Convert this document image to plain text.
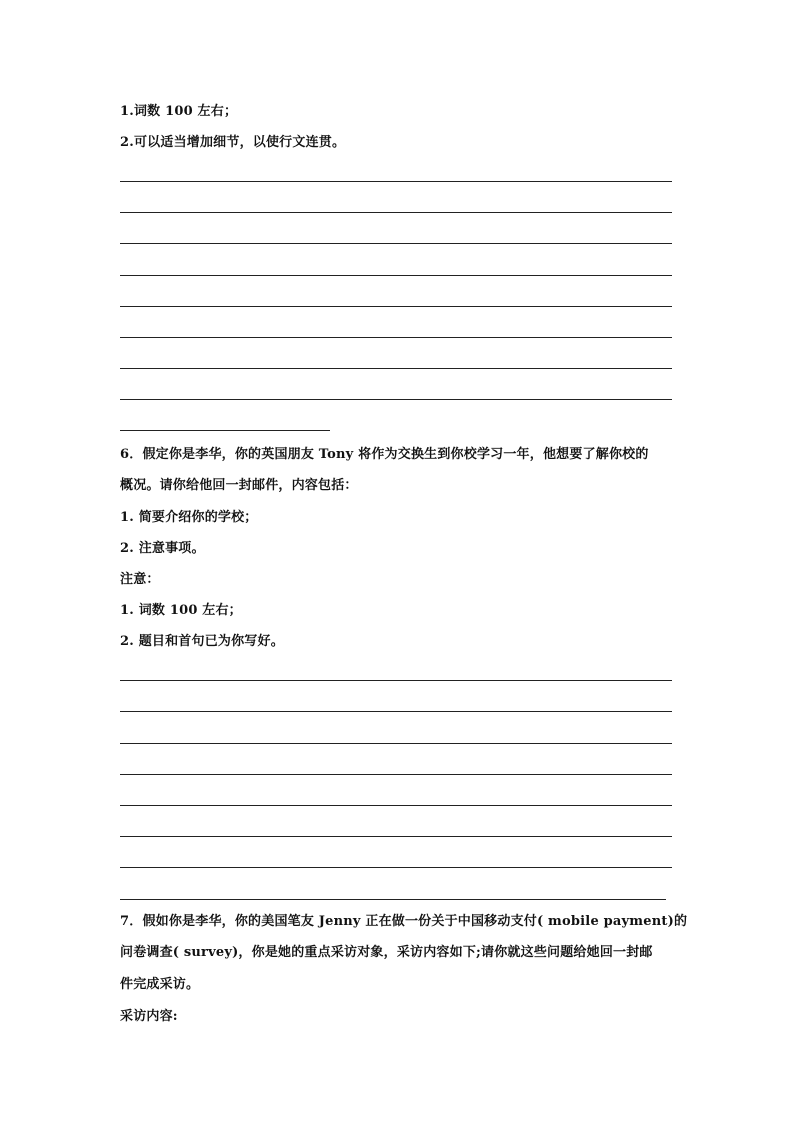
1.词数 100 左右；
2.可以适当增加细节，以使行文连贯。
6．假定你是李华，你的英国朋友 Tony 将作为交换生到你校学习一年，他想要了解你校的
概况。请你给他回一封邮件，内容包括：
1. 简要介绍你的学校；
2. 注意事项。
注意：
1. 词数 100 左右；
2. 题目和首句已为你写好。
7．假如你是李华，你的美国笔友 Jenny 正在做一份关于中国移动支付( mobile payment)的
问卷调查( survey)，你是她的重点采访对象，采访内容如下;请你就这些问题给她回一封邮
件完成采访。
采访内容:
